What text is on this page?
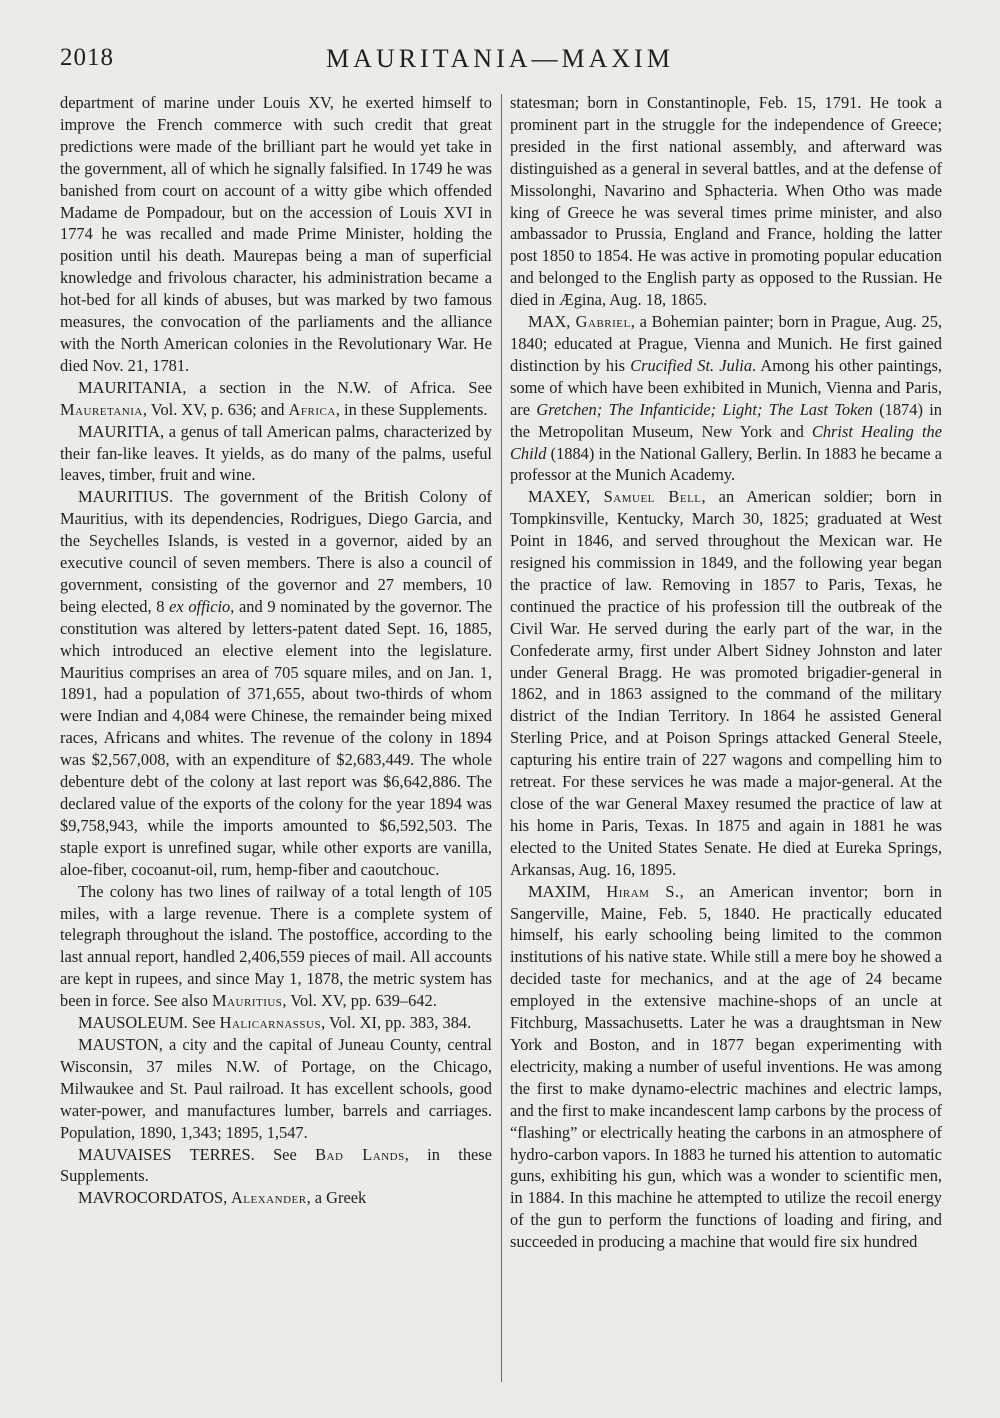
2018	MAURITANIA—MAXIM

department of marine under Louis XV, he exerted himself to improve the French commerce with such credit that great predictions were made of the brilliant part he would yet take in the government, all of which he signally falsified. In 1749 he was banished from court on account of a witty gibe which offended Madame de Pompadour, but on the accession of Louis XVI in 1774 he was recalled and made Prime Minister, holding the position until his death. Maurepas being a man of superficial knowledge and frivolous character, his administration became a hot-bed for all kinds of abuses, but was marked by two famous measures, the convocation of the parliaments and the alliance with the North American colonies in the Revolutionary War. He died Nov. 21, 1781.

MAURITANIA, a section in the N.W. of Africa. See Mauretania, Vol. XV, p. 636; and Africa, in these Supplements.

MAURITIA, a genus of tall American palms, characterized by their fan-like leaves. It yields, as do many of the palms, useful leaves, timber, fruit and wine.

MAURITIUS. The government of the British Colony of Mauritius, with its dependencies, Rodrigues, Diego Garcia, and the Seychelles Islands, is vested in a governor, aided by an executive council of seven members. There is also a council of government, consisting of the governor and 27 members, 10 being elected, 8 ex officio, and 9 nominated by the governor. The constitution was altered by letters-patent dated Sept. 16, 1885, which introduced an elective element into the legislature. Mauritius comprises an area of 705 square miles, and on Jan. 1, 1891, had a population of 371,655, about two-thirds of whom were Indian and 4,084 were Chinese, the remainder being mixed races, Africans and whites. The revenue of the colony in 1894 was $2,567,008, with an expenditure of $2,683,449. The whole debenture debt of the colony at last report was $6,642,886. The declared value of the exports of the colony for the year 1894 was $9,758,943, while the imports amounted to $6,592,503. The staple export is unrefined sugar, while other exports are vanilla, aloe-fiber, cocoanut-oil, rum, hemp-fiber and caoutchouc.

The colony has two lines of railway of a total length of 105 miles, with a large revenue. There is a complete system of telegraph throughout the island. The postoffice, according to the last annual report, handled 2,406,559 pieces of mail. All accounts are kept in rupees, and since May 1, 1878, the metric system has been in force. See also Mauritius, Vol. XV, pp. 639–642.

MAUSOLEUM. See Halicarnassus, Vol. XI, pp. 383, 384.

MAUSTON, a city and the capital of Juneau County, central Wisconsin, 37 miles N.W. of Portage, on the Chicago, Milwaukee and St. Paul railroad. It has excellent schools, good water-power, and manufactures lumber, barrels and carriages. Population, 1890, 1,343; 1895, 1,547.

MAUVAISES TERRES. See Bad Lands, in these Supplements.

MAVROCORDATOS, Alexander, a Greek

statesman; born in Constantinople, Feb. 15, 1791. He took a prominent part in the struggle for the independence of Greece; presided in the first national assembly, and afterward was distinguished as a general in several battles, and at the defense of Missolonghi, Navarino and Sphacteria. When Otho was made king of Greece he was several times prime minister, and also ambassador to Prussia, England and France, holding the latter post 1850 to 1854. He was active in promoting popular education and belonged to the English party as opposed to the Russian. He died in Ægina, Aug. 18, 1865.

MAX, Gabriel, a Bohemian painter; born in Prague, Aug. 25, 1840; educated at Prague, Vienna and Munich. He first gained distinction by his Crucified St. Julia. Among his other paintings, some of which have been exhibited in Munich, Vienna and Paris, are Gretchen; The Infanticide; Light; The Last Token (1874) in the Metropolitan Museum, New York and Christ Healing the Child (1884) in the National Gallery, Berlin. In 1883 he became a professor at the Munich Academy.

MAXEY, Samuel Bell, an American soldier; born in Tompkinsville, Kentucky, March 30, 1825; graduated at West Point in 1846, and served throughout the Mexican war. He resigned his commission in 1849, and the following year began the practice of law. Removing in 1857 to Paris, Texas, he continued the practice of his profession till the outbreak of the Civil War. He served during the early part of the war, in the Confederate army, first under Albert Sidney Johnston and later under General Bragg. He was promoted brigadier-general in 1862, and in 1863 assigned to the command of the military district of the Indian Territory. In 1864 he assisted General Sterling Price, and at Poison Springs attacked General Steele, capturing his entire train of 227 wagons and compelling him to retreat. For these services he was made a major-general. At the close of the war General Maxey resumed the practice of law at his home in Paris, Texas. In 1875 and again in 1881 he was elected to the United States Senate. He died at Eureka Springs, Arkansas, Aug. 16, 1895.

MAXIM, Hiram S., an American inventor; born in Sangerville, Maine, Feb. 5, 1840. He practically educated himself, his early schooling being limited to the common institutions of his native state. While still a mere boy he showed a decided taste for mechanics, and at the age of 24 became employed in the extensive machine-shops of an uncle at Fitchburg, Massachusetts. Later he was a draughtsman in New York and Boston, and in 1877 began experimenting with electricity, making a number of useful inventions. He was among the first to make dynamo-electric machines and electric lamps, and the first to make incandescent lamp carbons by the process of “flashing” or electrically heating the carbons in an atmosphere of hydro-carbon vapors. In 1883 he turned his attention to automatic guns, exhibiting his gun, which was a wonder to scientific men, in 1884. In this machine he attempted to utilize the recoil energy of the gun to perform the functions of loading and firing, and succeeded in producing a machine that would fire six hundred
